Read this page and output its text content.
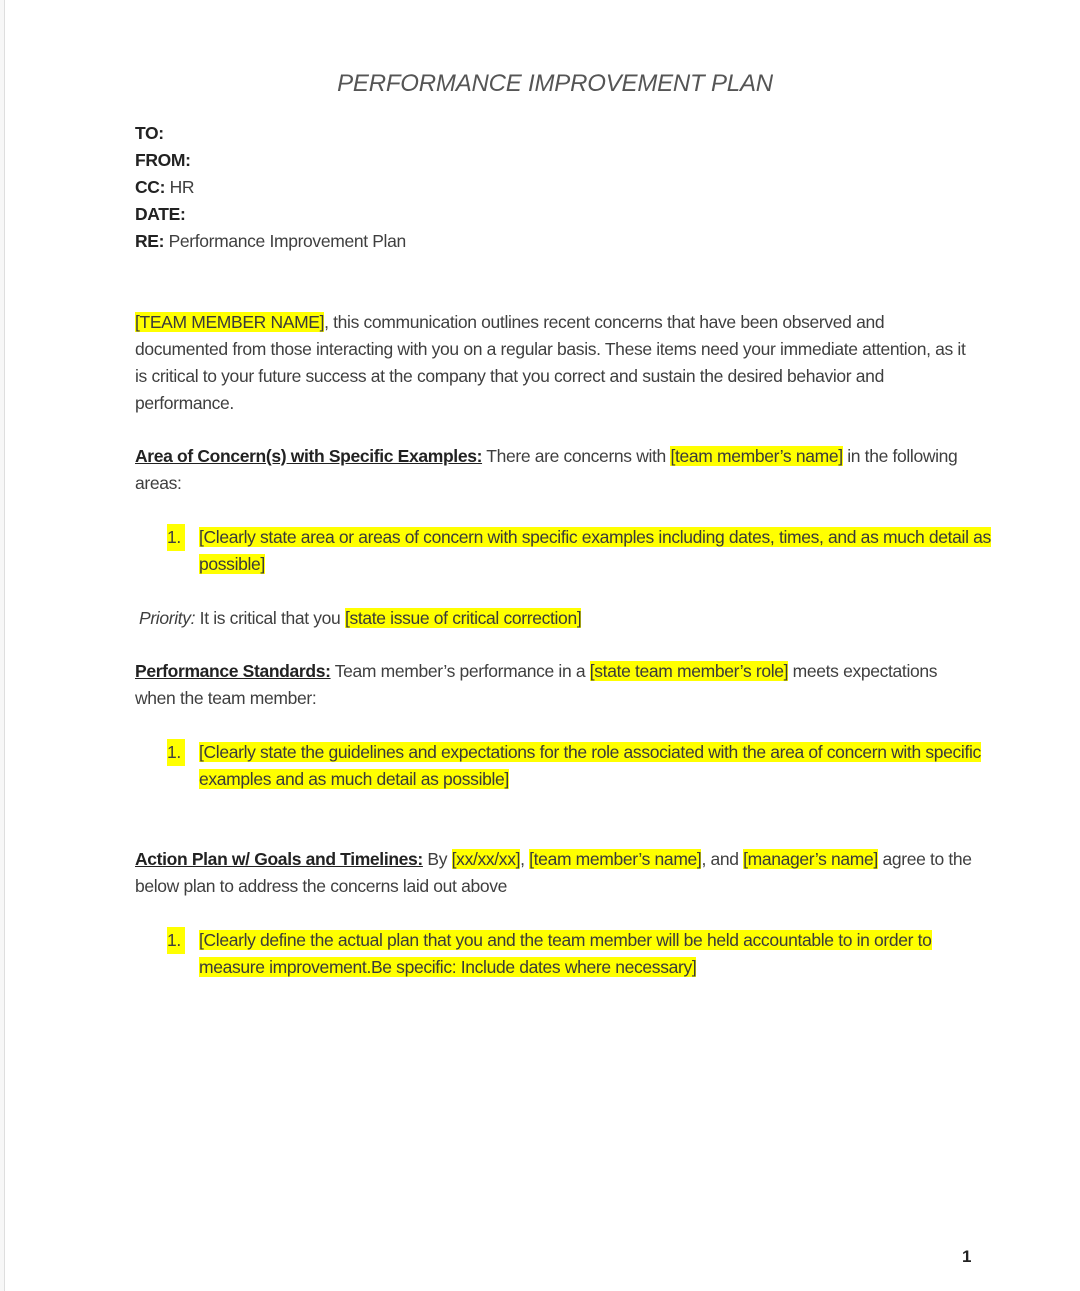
PERFORMANCE IMPROVEMENT PLAN
TO:
FROM:
CC: HR
DATE:
RE: Performance Improvement Plan

[TEAM MEMBER NAME], this communication outlines recent concerns that have been observed and documented from those interacting with you on a regular basis. These items need your immediate attention, as it is critical to your future success at the company that you correct and sustain the desired behavior and performance.

Area of Concern(s) with Specific Examples: There are concerns with [team member’s name] in the following areas:

1.	[Clearly state area or areas of concern with specific examples including dates, times, and as much detail as possible]

Priority: It is critical that you [state issue of critical correction]

Performance Standards: Team member’s performance in a [state team member’s role] meets expectations when the team member:

1.	[Clearly state the guidelines and expectations for the role associated with the area of concern with specific examples and as much detail as possible]

Action Plan w/ Goals and Timelines: By [xx/xx/xx], [team member’s name], and [manager’s name] agree to the below plan to address the concerns laid out above

1.	[Clearly define the actual plan that you and the team member will be held accountable to in order to measure improvement.Be specific: Include dates where necessary]
1
